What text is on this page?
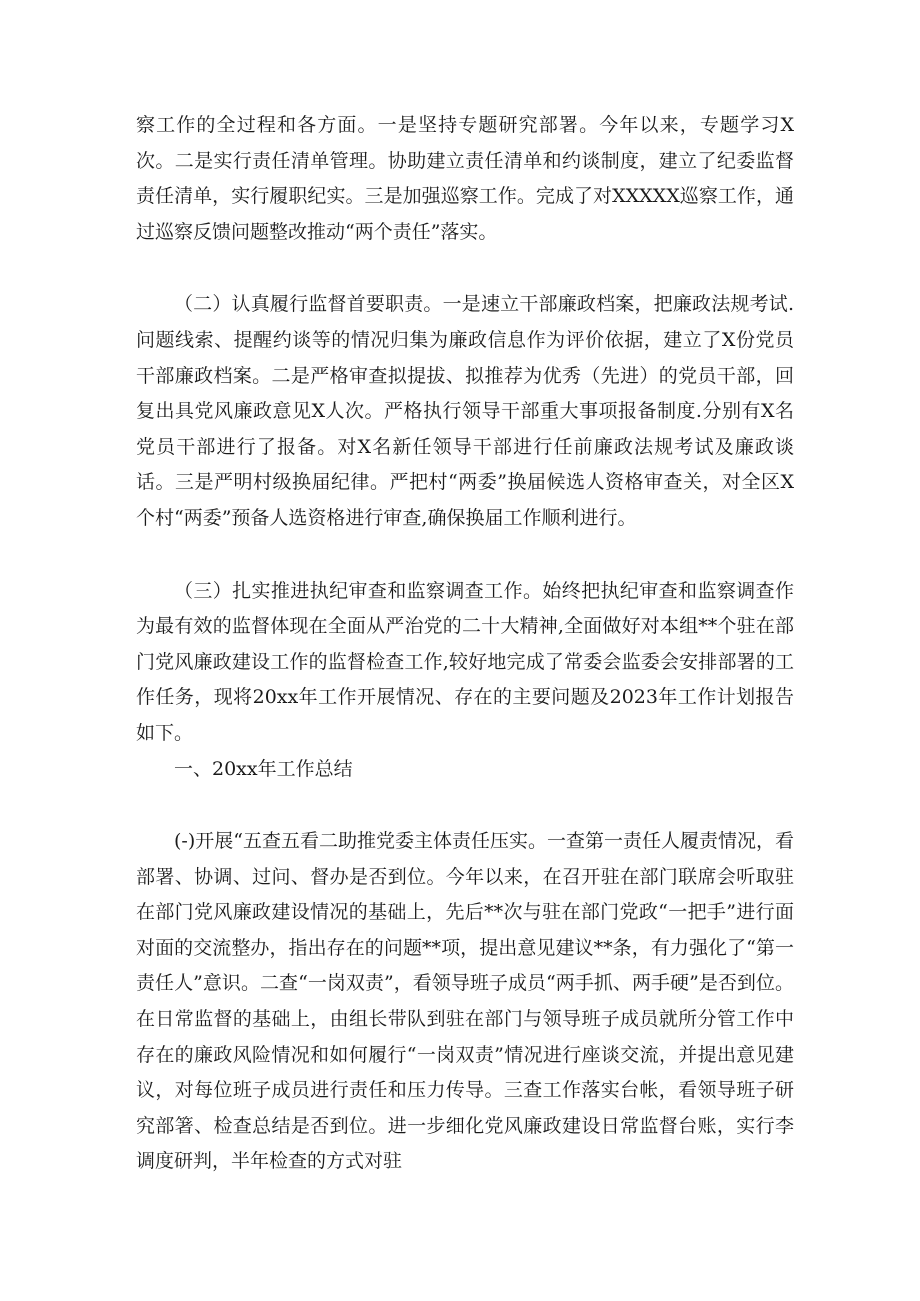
察工作的全过程和各方面。一是坚持专题研究部署。今年以来，专题学习X次。二是实行责任清单管理。协助建立责任清单和约谈制度，建立了纪委监督责任清单，实行履职纪实。三是加强巡察工作。完成了对XXXXX巡察工作，通过巡察反馈问题整改推动“两个责任”落实。

（二）认真履行监督首要职责。一是速立干部廉政档案，把廉政法规考试.问题线索、提醒约谈等的情况归集为廉政信息作为评价依据，建立了X份党员干部廉政档案。二是严格审查拟提拔、拟推荐为优秀（先进）的党员干部，回复出具党风廉政意见X人次。严格执行领导干部重大事项报备制度.分别有X名党员干部进行了报备。对X名新任领导干部进行任前廉政法规考试及廉政谈话。三是严明村级换届纪律。严把村“两委”换届候选人资格审查关，对全区X个村“两委”预备人选资格进行审查,确保换届工作顺利进行。

（三）扎实推进执纪审查和监察调查工作。始终把执纪审查和监察调查作为最有效的监督体现在全面从严治党的二十大精神,全面做好对本组**个驻在部门党风廉政建设工作的监督检查工作,较好地完成了常委会监委会安排部署的工作任务，现将20xx年工作开展情况、存在的主要问题及2023年工作计划报告如下。

一、20xx年工作总结

(-)开展“五查五看二助推党委主体责任压实。一查第一责任人履责情况，看部署、协调、过问、督办是否到位。今年以来，在召开驻在部门联席会听取驻在部门党风廉政建设情况的基础上，先后**次与驻在部门党政“一把手”进行面对面的交流整办，指出存在的问题**项，提出意见建议**条，有力强化了“第一责任人”意识。二查“一岗双责”，看领导班子成员“两手抓、两手硬”是否到位。在日常监督的基础上，由组长带队到驻在部门与领导班子成员就所分管工作中存在的廉政风险情况和如何履行“一岗双责”情况进行座谈交流，并提出意见建议，对每位班子成员进行责任和压力传导。三查工作落实台帐，看领导班子研究部箸、检查总结是否到位。进一步细化党风廉政建设日常监督台账，实行李调度研判，半年检查的方式对驻
